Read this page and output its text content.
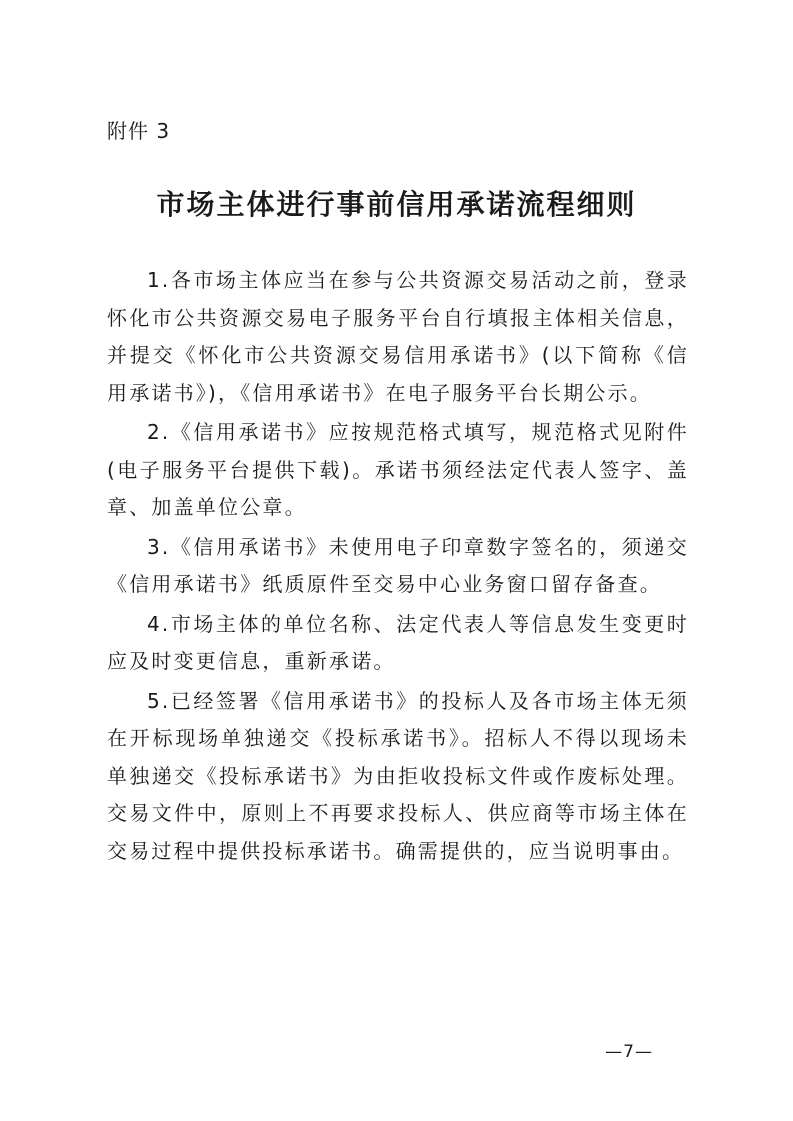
附件 3
市场主体进行事前信用承诺流程细则

1.各市场主体应当在参与公共资源交易活动之前，登录怀化市公共资源交易电子服务平台自行填报主体相关信息，并提交《怀化市公共资源交易信用承诺书》(以下简称《信用承诺书》)，《信用承诺书》在电子服务平台长期公示。

2.《信用承诺书》应按规范格式填写，规范格式见附件(电子服务平台提供下载)。承诺书须经法定代表人签字、盖章、加盖单位公章。

3.《信用承诺书》未使用电子印章数字签名的，须递交《信用承诺书》纸质原件至交易中心业务窗口留存备查。

4.市场主体的单位名称、法定代表人等信息发生变更时应及时变更信息，重新承诺。

5.已经签署《信用承诺书》的投标人及各市场主体无须在开标现场单独递交《投标承诺书》。招标人不得以现场未单独递交《投标承诺书》为由拒收投标文件或作废标处理。交易文件中，原则上不再要求投标人、供应商等市场主体在交易过程中提供投标承诺书。确需提供的，应当说明事由。

—7—
